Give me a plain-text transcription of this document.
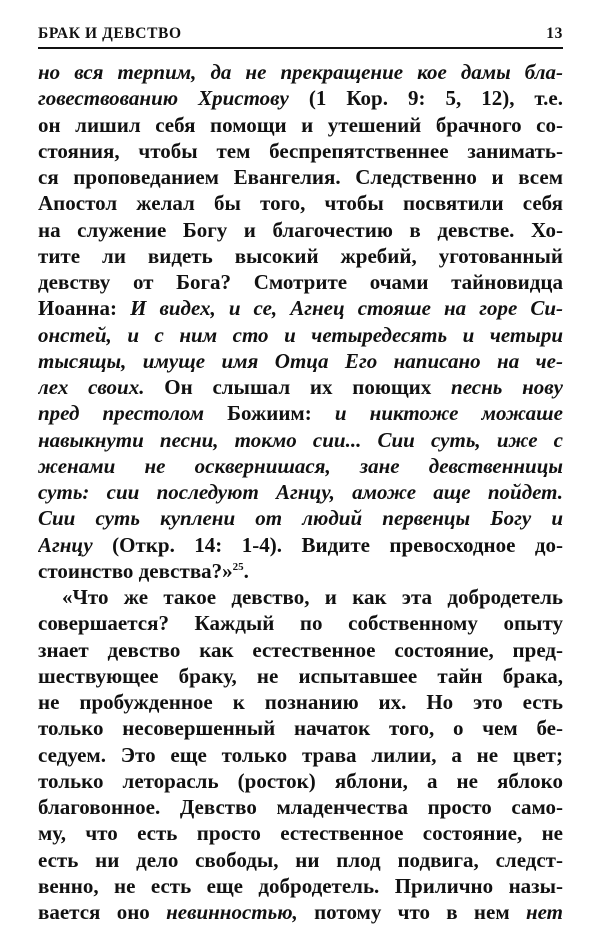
БРАК И ДЕВСТВО	13
но вся терпим, да не прекращение кое дамы бла-
говествованию Христову (1 Кор. 9: 5, 12), т.е.
он лишил себя помощи и утешений брачного со-
стояния, чтобы тем беспрепятственнее занимать-
ся проповеданием Евангелия. Следственно и всем
Апостол желал бы того, чтобы посвятили себя
на служение Богу и благочестию в девстве. Хо-
тите ли видеть высокий жребий, уготованный
девству от Бога? Смотрите очами тайновидца
Иоанна: И видех, и се, Агнец стояше на горе Си-
онстей, и с ним сто и четыредесять и четыри
тысящы, имуще имя Отца Его написано на че-
лех своих. Он слышал их поющих песнь нову
пред престолом Божиим: и никтоже можаше
навыкнути песни, токмо сии... Сии суть, иже с
женами не осквернишася, зане девственницы
суть: сии последуют Агнцу, аможе аще пойдет.
Сии суть куплени от людий первенцы Богу и
Агнцу (Откр. 14: 1-4). Видите превосходное до-
стоинство девства?»$^{25}$.
«Что же такое девство, и как эта добродетель
совершается? Каждый по собственному опыту
знает девство как естественное состояние, пред-
шествующее браку, не испытавшее тайн брака,
не пробужденное к познанию их. Но это есть
только несовершенный начаток того, о чем бе-
седуем. Это еще только трава лилии, а не цвет;
только леторасль (росток) яблони, а не яблоко
благовонное. Девство младенчества просто само-
му, что есть просто естественное состояние, не
есть ни дело свободы, ни плод подвига, следст-
венно, не есть еще добродетель. Прилично назы-
вается оно невинностью, потому что в нем нет
